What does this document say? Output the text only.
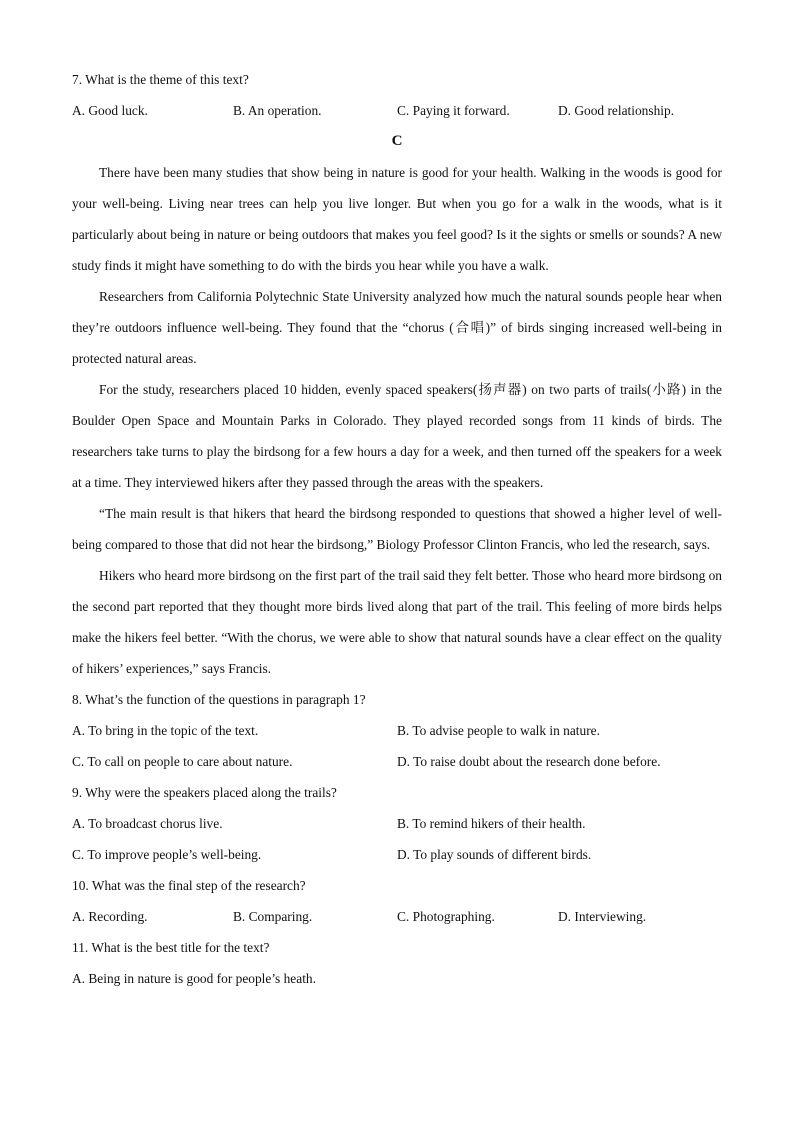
7. What is the theme of this text?
A. Good luck.	B. An operation.	C. Paying it forward.	D. Good relationship.
C
There have been many studies that show being in nature is good for your health. Walking in the woods is good for your well-being. Living near trees can help you live longer. But when you go for a walk in the woods, what is it particularly about being in nature or being outdoors that makes you feel good? Is it the sights or smells or sounds? A new study finds it might have something to do with the birds you hear while you have a walk.
Researchers from California Polytechnic State University analyzed how much the natural sounds people hear when they’re outdoors influence well-being. They found that the “chorus (合唱)” of birds singing increased well-being in protected natural areas.
For the study, researchers placed 10 hidden, evenly spaced speakers(扬声器) on two parts of trails(小路) in the Boulder Open Space and Mountain Parks in Colorado. They played recorded songs from 11 kinds of birds. The researchers take turns to play the birdsong for a few hours a day for a week, and then turned off the speakers for a week at a time. They interviewed hikers after they passed through the areas with the speakers.
“The main result is that hikers that heard the birdsong responded to questions that showed a higher level of well-being compared to those that did not hear the birdsong,” Biology Professor Clinton Francis, who led the research, says.
Hikers who heard more birdsong on the first part of the trail said they felt better. Those who heard more birdsong on the second part reported that they thought more birds lived along that part of the trail. This feeling of more birds helps make the hikers feel better. “With the chorus, we were able to show that natural sounds have a clear effect on the quality of hikers’ experiences,” says Francis.
8. What’s the function of the questions in paragraph 1?
A. To bring in the topic of the text.	B. To advise people to walk in nature.
C. To call on people to care about nature.	D. To raise doubt about the research done before.
9. Why were the speakers placed along the trails?
A. To broadcast chorus live.	B. To remind hikers of their health.
C. To improve people’s well-being.	D. To play sounds of different birds.
10. What was the final step of the research?
A. Recording.	B. Comparing.	C. Photographing.	D. Interviewing.
11. What is the best title for the text?
A. Being in nature is good for people’s heath.
